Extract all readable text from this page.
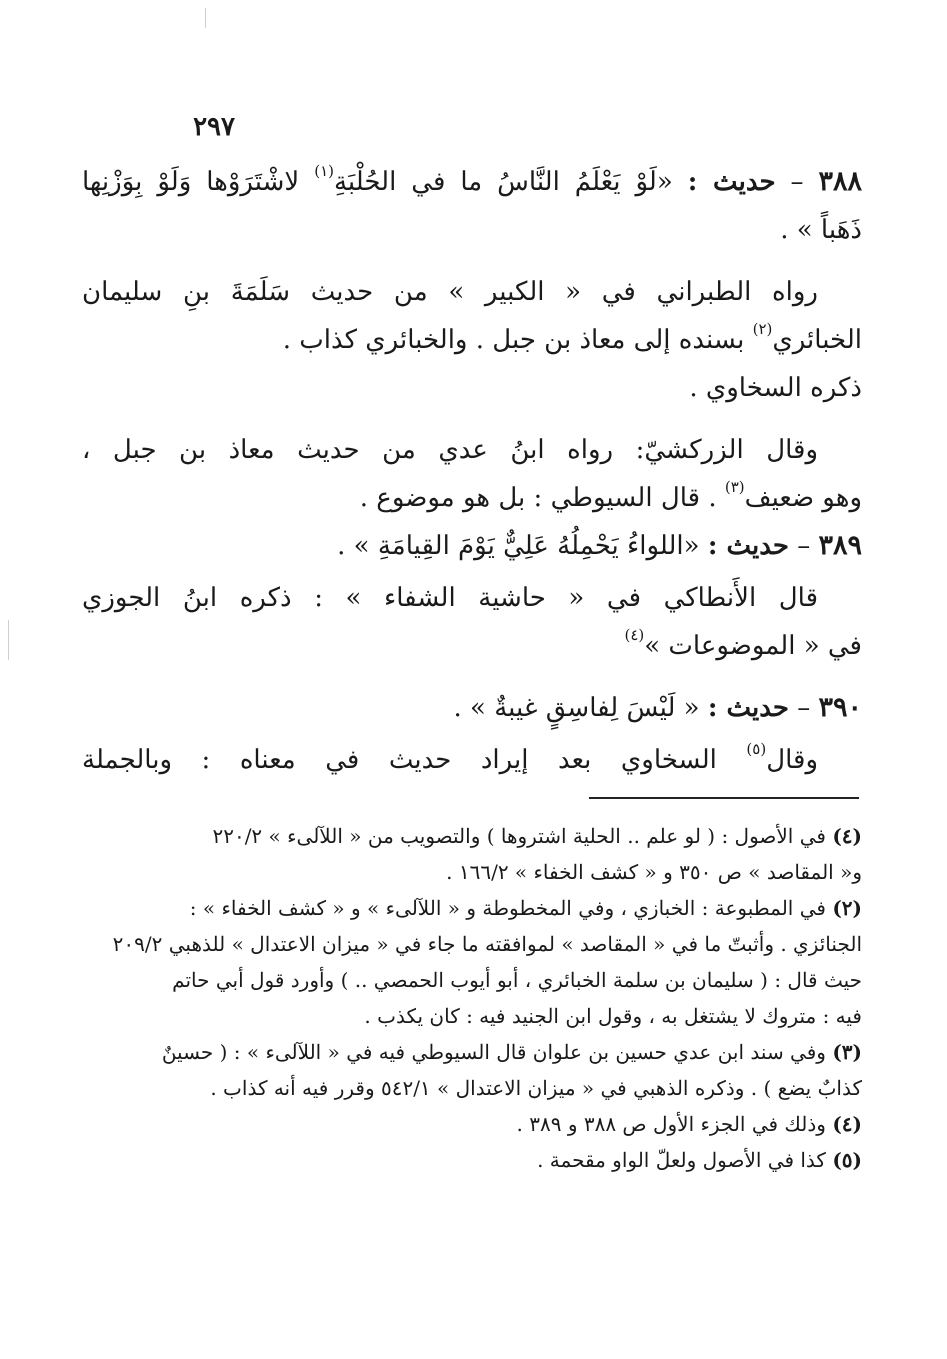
٢٩٧
٣٨٨ – حديث : «لَوْ يَعْلَمُ النَّاسُ ما في الحُلْبَةِ$^{(١)}$ لاشْتَرَوْها وَلَوْ بِوَزْنِها
ذَهَباً » .
رواه الطبراني في « الكبير » من حديث سَلَمَةَ بنِ سليمان
الخبائري$^{(٢)}$ بسنده إلى معاذ بن جبل . والخبائري كذاب .
ذكره السخاوي .
وقال الزركشيّ: رواه ابنُ عدي من حديث معاذ بن جبل ،
وهو ضعيف$^{(٣)}$ . قال السيوطي : بل هو موضوع .
٣٨٩ – حديث : «اللواءُ يَحْمِلُهُ عَلِيٌّ يَوْمَ القِيامَةِ » .
قال الأَنطاكي في « حاشية الشفاء » : ذكره ابنُ الجوزي
في « الموضوعات »$^{(٤)}$
٣٩٠ – حديث : « لَيْسَ لِفاسِقٍ غيبةٌ » .
وقال$^{(٥)}$ السخاوي بعد إيراد حديث في معناه : وبالجملة
(٤) في الأصول : ( لو علم .. الحلية اشتروها ) والتصويب من « اللآلىء » ٢٢٠/٢
و« المقاصد » ص ٣٥٠ و « كشف الخفاء » ١٦٦/٢ .
(٢) في المطبوعة : الخبازي ، وفي المخطوطة و « اللآلىء » و « كشف الخفاء » :
الجنائزي . وأثبتّ ما في « المقاصد » لموافقته ما جاء في « ميزان الاعتدال » للذهبي ٢٠٩/٢
حيث قال : ( سليمان بن سلمة الخبائري ، أبو أيوب الحمصي .. ) وأورد قول أبي حاتم
فيه : متروك لا يشتغل به ، وقول ابن الجنيد فيه : كان يكذب .
(٣) وفي سند ابن عدي حسين بن علوان قال السيوطي فيه في « اللآلىء » : ( حسينٌ
كذابٌ يضع ) . وذكره الذهبي في « ميزان الاعتدال » ٥٤٢/١ وقرر فيه أنه كذاب .
(٤) وذلك في الجزء الأول ص ٣٨٨ و ٣٨٩ .
(٥) كذا في الأصول ولعلّ الواو مقحمة .
